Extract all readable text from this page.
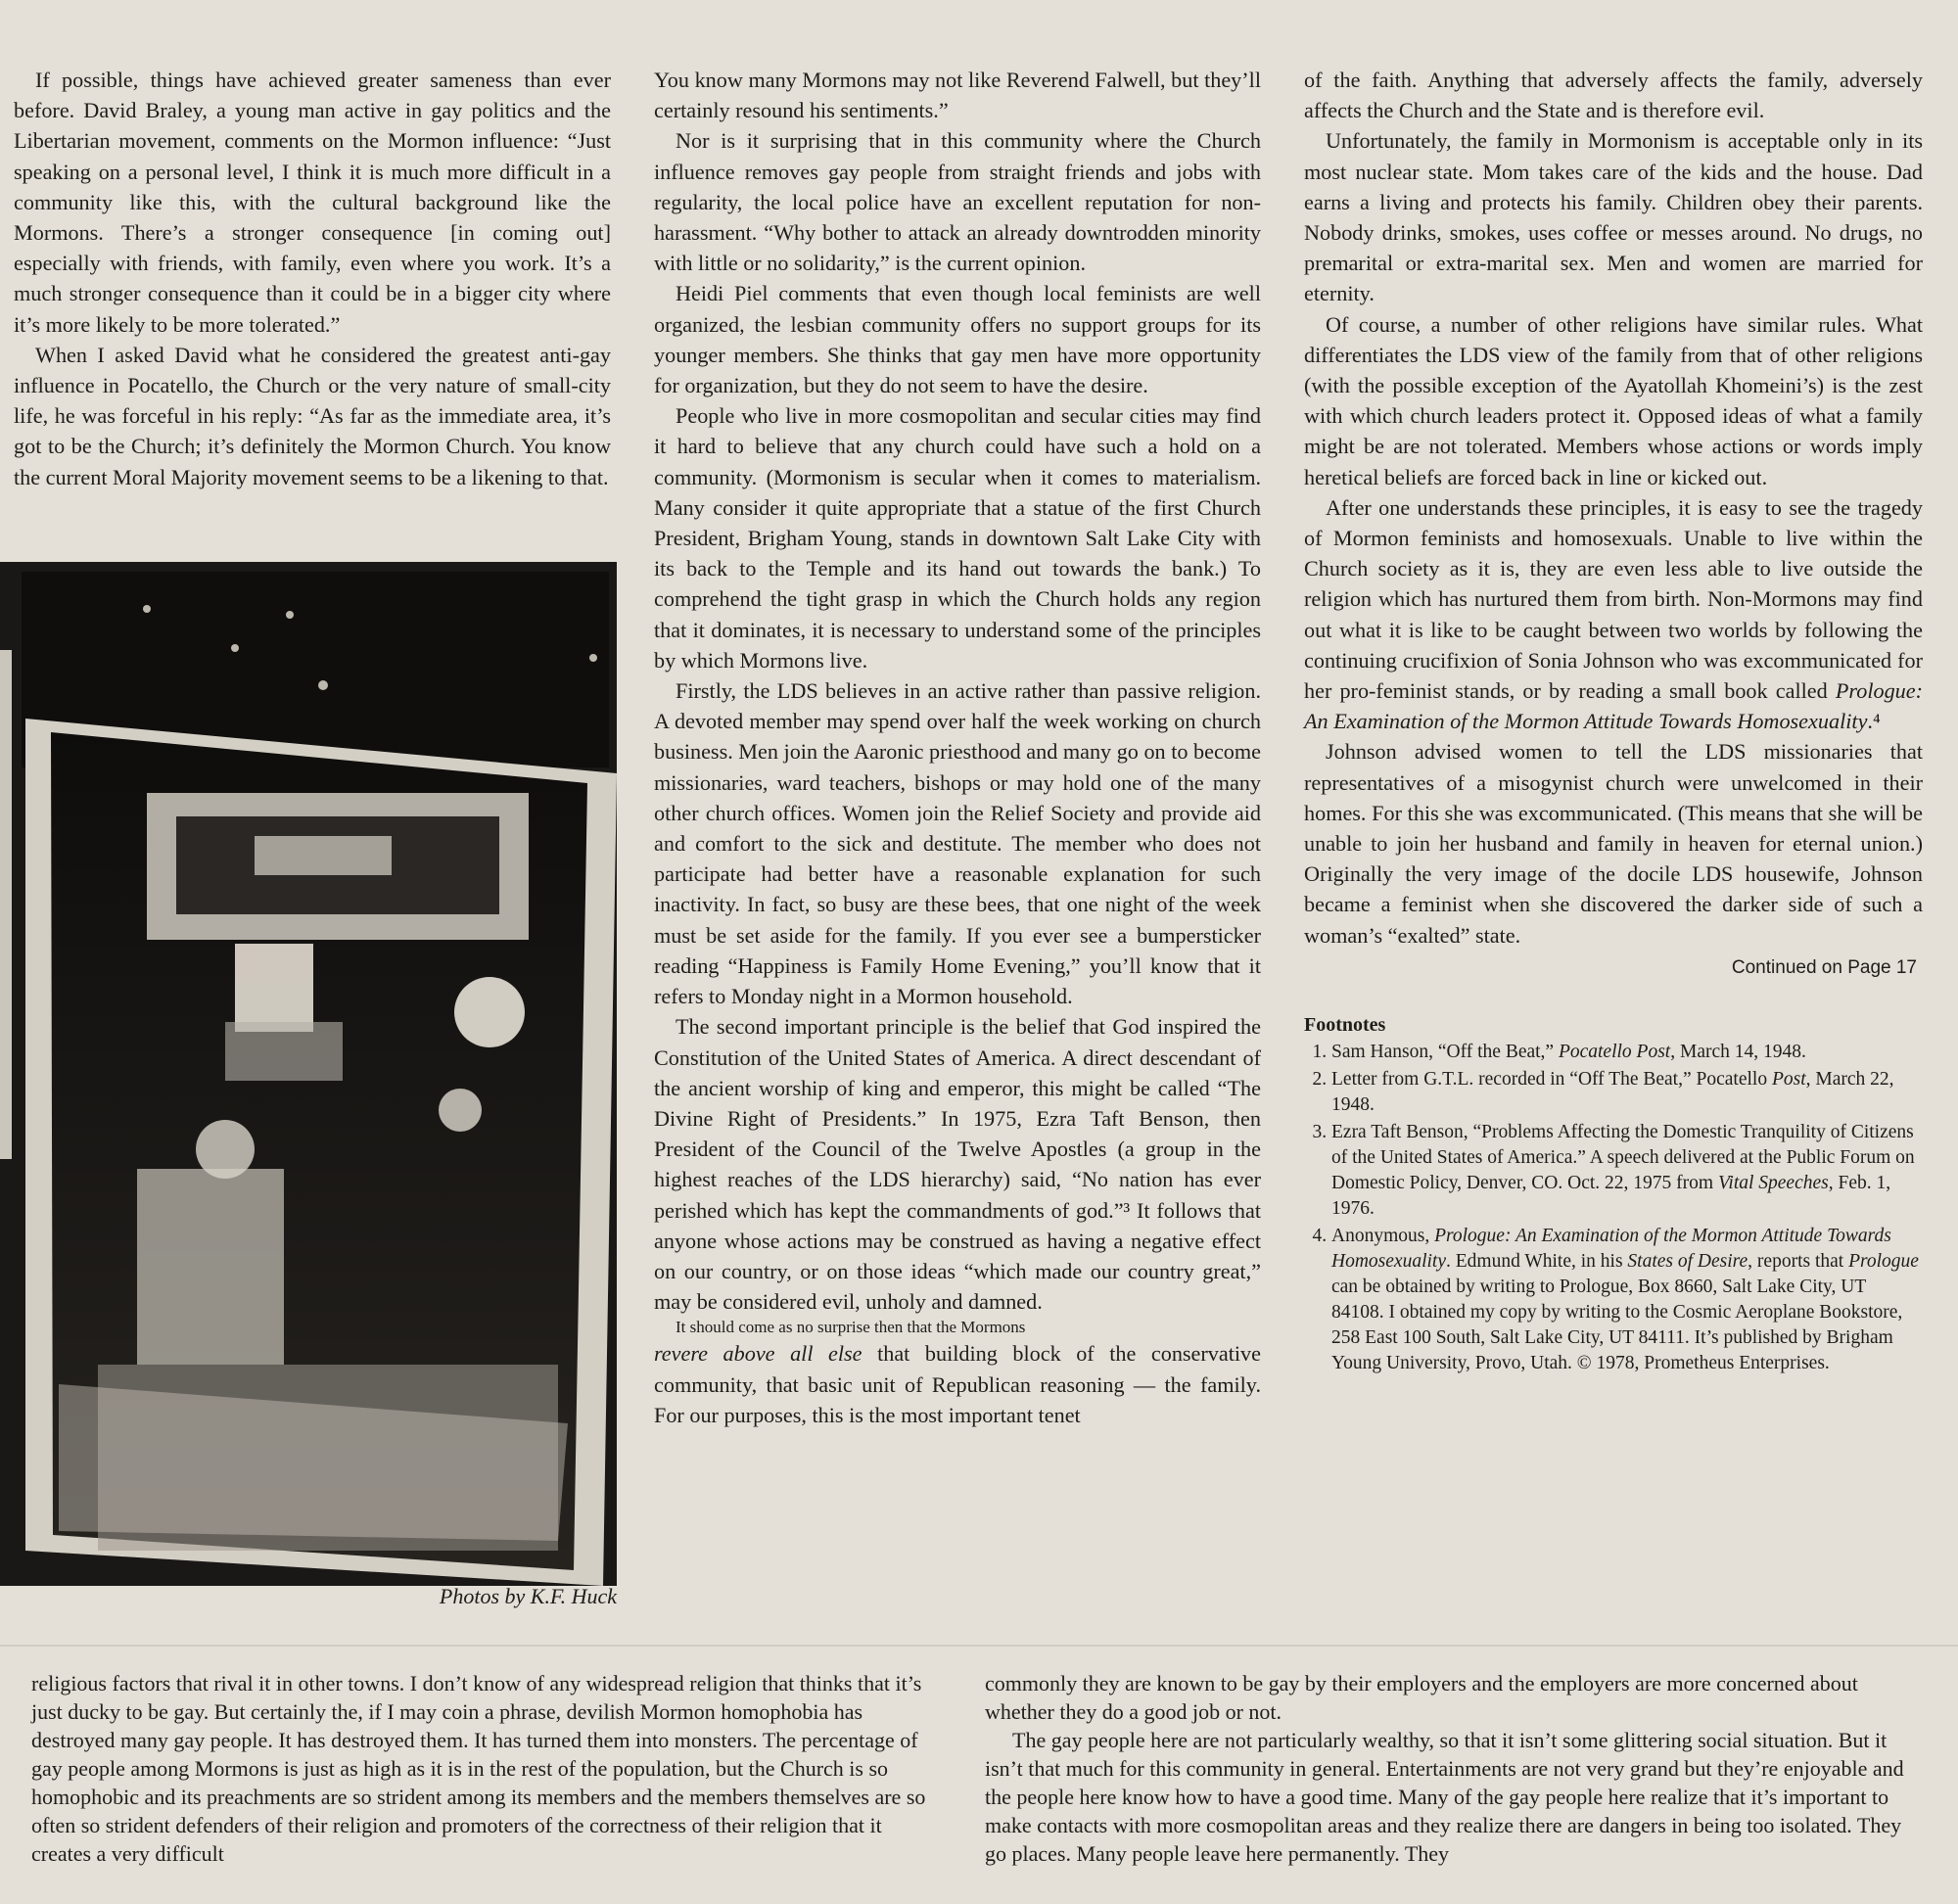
If possible, things have achieved greater sameness than ever before. David Braley, a young man active in gay politics and the Libertarian movement, comments on the Mormon influence: “Just speaking on a personal level, I think it is much more difficult in a community like this, with the cultural background like the Mormons. There’s a stronger consequence [in coming out] especially with friends, with family, even where you work. It’s a much stronger consequence than it could be in a bigger city where it’s more likely to be more tolerated.”

When I asked David what he considered the greatest anti-gay influence in Pocatello, the Church or the very nature of small-city life, he was forceful in his reply: “As far as the immediate area, it’s got to be the Church; it’s definitely the Mormon Church. You know the current Moral Majority movement seems to be a likening to that.

Photos by K.F. Huck

You know many Mormons may not like Reverend Falwell, but they’ll certainly resound his sentiments.”

Nor is it surprising that in this community where the Church influence removes gay people from straight friends and jobs with regularity, the local police have an excellent reputation for non-harassment. “Why bother to attack an already downtrodden minority with little or no solidarity,” is the current opinion.

Heidi Piel comments that even though local feminists are well organized, the lesbian community offers no support groups for its younger members. She thinks that gay men have more opportunity for organization, but they do not seem to have the desire.

People who live in more cosmopolitan and secular cities may find it hard to believe that any church could have such a hold on a community. (Mormonism is secular when it comes to materialism. Many consider it quite appropriate that a statue of the first Church President, Brigham Young, stands in downtown Salt Lake City with its back to the Temple and its hand out towards the bank.) To comprehend the tight grasp in which the Church holds any region that it dominates, it is necessary to understand some of the principles by which Mormons live.

Firstly, the LDS believes in an active rather than passive religion. A devoted member may spend over half the week working on church business. Men join the Aaronic priesthood and many go on to become missionaries, ward teachers, bishops or may hold one of the many other church offices. Women join the Relief Society and provide aid and comfort to the sick and destitute. The member who does not participate had better have a reasonable explanation for such inactivity. In fact, so busy are these bees, that one night of the week must be set aside for the family. If you ever see a bumpersticker reading “Happiness is Family Home Evening,” you’ll know that it refers to Monday night in a Mormon household.

The second important principle is the belief that God inspired the Constitution of the United States of America. A direct descendant of the ancient worship of king and emperor, this might be called “The Divine Right of Presidents.” In 1975, Ezra Taft Benson, then President of the Council of the Twelve Apostles (a group in the highest reaches of the LDS hierarchy) said, “No nation has ever perished which has kept the commandments of god.”³ It follows that anyone whose actions may be construed as having a negative effect on our country, or on those ideas “which made our country great,” may be considered evil, unholy and damned.

It should come as no surprise then that the Mormons

revere above all else that building block of the conservative community, that basic unit of Republican reasoning — the family. For our purposes, this is the most important tenet

of the faith. Anything that adversely affects the family, adversely affects the Church and the State and is therefore evil.

Unfortunately, the family in Mormonism is acceptable only in its most nuclear state. Mom takes care of the kids and the house. Dad earns a living and protects his family. Children obey their parents. Nobody drinks, smokes, uses coffee or messes around. No drugs, no premarital or extra-marital sex. Men and women are married for eternity.

Of course, a number of other religions have similar rules. What differentiates the LDS view of the family from that of other religions (with the possible exception of the Ayatollah Khomeini’s) is the zest with which church leaders protect it. Opposed ideas of what a family might be are not tolerated. Members whose actions or words imply heretical beliefs are forced back in line or kicked out.

After one understands these principles, it is easy to see the tragedy of Mormon feminists and homosexuals. Unable to live within the Church society as it is, they are even less able to live outside the religion which has nurtured them from birth. Non-Mormons may find out what it is like to be caught between two worlds by following the continuing crucifixion of Sonia Johnson who was excommunicated for her pro-feminist stands, or by reading a small book called Prologue: An Examination of the Mormon Attitude Towards Homosexuality.⁴

Johnson advised women to tell the LDS missionaries that representatives of a misogynist church were unwelcomed in their homes. For this she was excommunicated. (This means that she will be unable to join her husband and family in heaven for eternal union.) Originally the very image of the docile LDS housewife, Johnson became a feminist when she discovered the darker side of such a woman’s “exalted” state.

Continued on Page 17
Footnotes
1. Sam Hanson, “Off the Beat,” Pocatello Post, March 14, 1948.
2. Letter from G.T.L. recorded in “Off The Beat,” Pocatello Post, March 22, 1948.
3. Ezra Taft Benson, “Problems Affecting the Domestic Tranquility of Citizens of the United States of America.” A speech delivered at the Public Forum on Domestic Policy, Denver, CO. Oct. 22, 1975 from Vital Speeches, Feb. 1, 1976.
4. Anonymous, Prologue: An Examination of the Mormon Attitude Towards Homosexuality. Edmund White, in his States of Desire, reports that Prologue can be obtained by writing to Prologue, Box 8660, Salt Lake City, UT 84108. I obtained my copy by writing to the Cosmic Aeroplane Bookstore, 258 East 100 South, Salt Lake City, UT 84111. It’s published by Brigham Young University, Provo, Utah. © 1978, Prometheus Enterprises.

religious factors that rival it in other towns. I don’t know of any widespread religion that thinks that it’s just ducky to be gay. But certainly the, if I may coin a phrase, devilish Mormon homophobia has destroyed many gay people. It has destroyed them. It has turned them into monsters. The percentage of gay people among Mormons is just as high as it is in the rest of the population, but the Church is so homophobic and its preachments are so strident among its members and the members themselves are so often so strident defenders of their religion and promoters of the correctness of their religion that it creates a very difficult

commonly they are known to be gay by their employers and the employers are more concerned about whether they do a good job or not.

The gay people here are not particularly wealthy, so that it isn’t some glittering social situation. But it isn’t that much for this community in general. Entertainments are not very grand but they’re enjoyable and the people here know how to have a good time. Many of the gay people here realize that it’s important to make contacts with more cosmopolitan areas and they realize there are dangers in being too isolated. They go places. Many people leave here permanently. They
